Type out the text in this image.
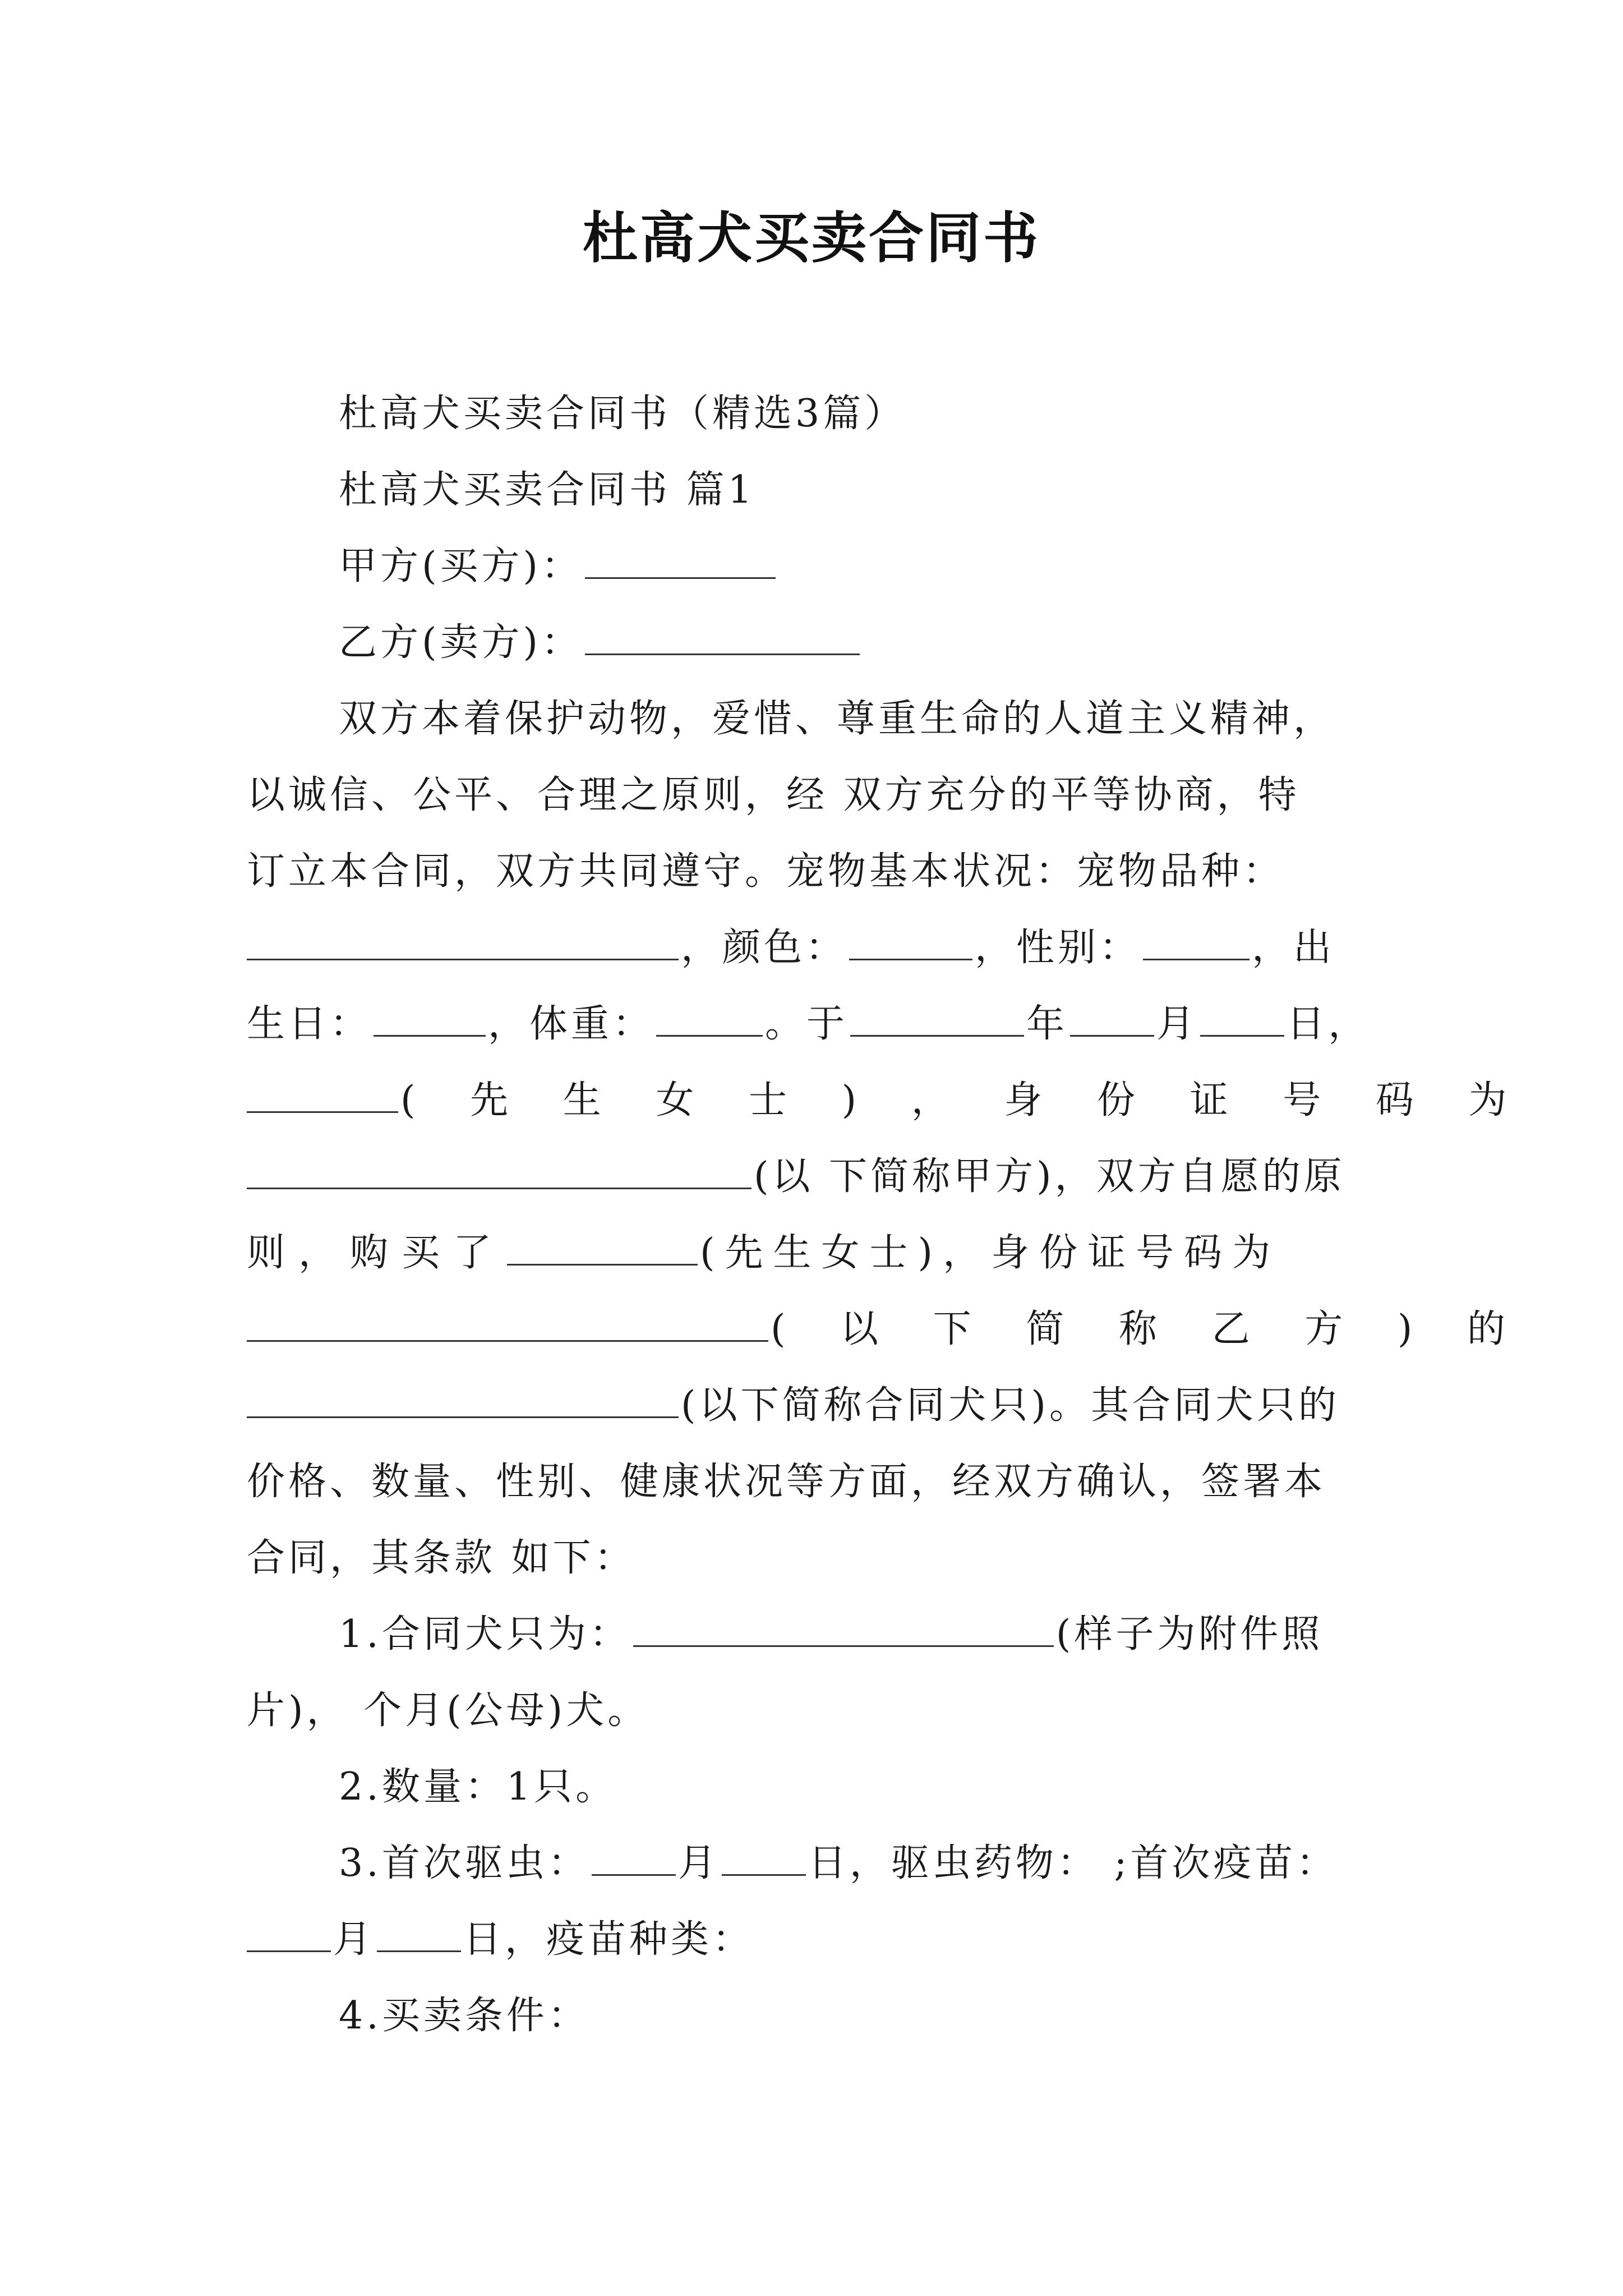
杜高犬买卖合同书
杜高犬买卖合同书（精选3篇）
杜高犬买卖合同书 篇1
甲方(买方)：
乙方(卖方)：
双方本着保护动物，爱惜、尊重生命的人道主义精神，
以诚信、公平、合理之原则，经 双方充分的平等协商，特
订立本合同，双方共同遵守。宠物基本状况：宠物品种：
，颜色：	，性别：	，出
生日：	，体重：	。于	年 月 日，
( 先 生 女 士 ) ， 身 份 证 号 码 为
(以 下简称甲方)，双方自愿的原
则，购买了	(先生女士)，身份证号码为
( 以 下 简 称 乙 方 ) 的
(以下简称合同犬只)。其合同犬只的
价格、数量、性别、健康状况等方面，经双方确认，签署本
合同，其条款 如下：
1.合同犬只为：	(样子为附件照
片)， 个月(公母)犬。
2.数量：1只。
3.首次驱虫： 月 日，驱虫药物： ;首次疫苗：
月 日，疫苗种类：
4.买卖条件：
